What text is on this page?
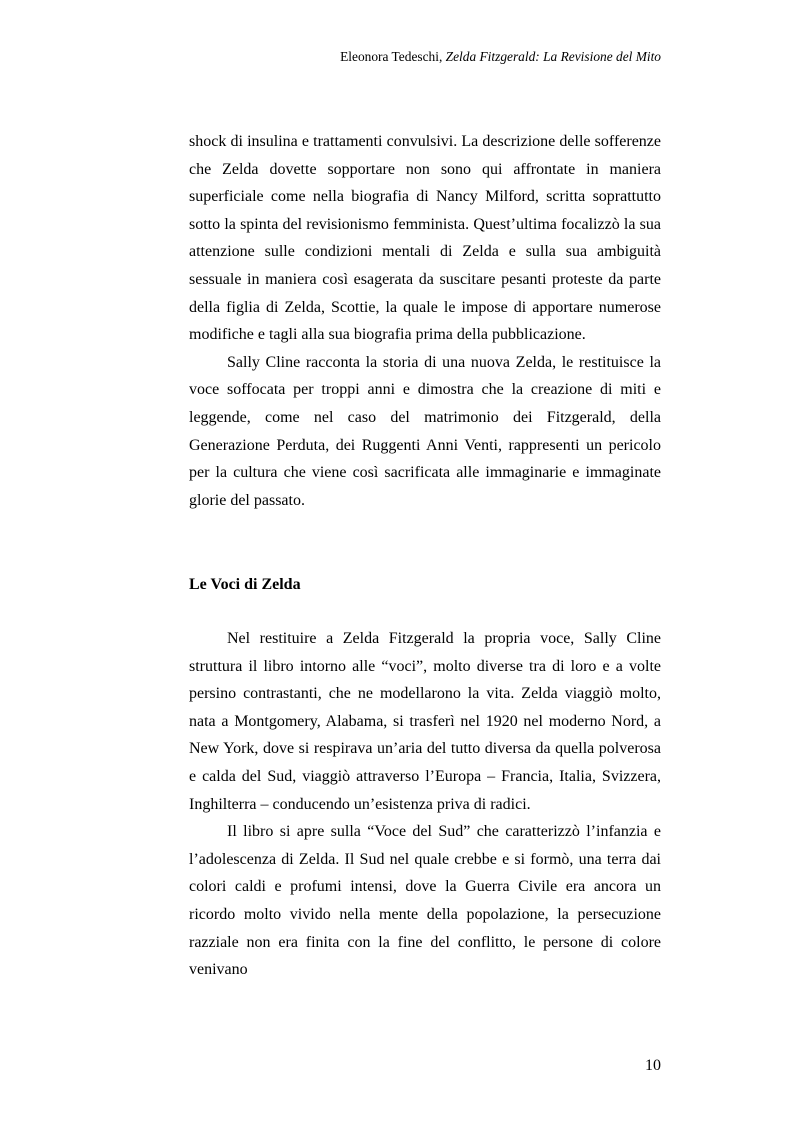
Eleonora Tedeschi, Zelda Fitzgerald: La Revisione del Mito

shock di insulina e trattamenti convulsivi. La descrizione delle sofferenze che Zelda dovette sopportare non sono qui affrontate in maniera superficiale come nella biografia di Nancy Milford, scritta soprattutto sotto la spinta del revisionismo femminista. Quest’ultima focalizzò la sua attenzione sulle condizioni mentali di Zelda e sulla sua ambiguità sessuale in maniera così esagerata da suscitare pesanti proteste da parte della figlia di Zelda, Scottie, la quale le impose di apportare numerose modifiche e tagli alla sua biografia prima della pubblicazione.

Sally Cline racconta la storia di una nuova Zelda, le restituisce la voce soffocata per troppi anni e dimostra che la creazione di miti e leggende, come nel caso del matrimonio dei Fitzgerald, della Generazione Perduta, dei Ruggenti Anni Venti, rappresenti un pericolo per la cultura che viene così sacrificata alle immaginarie e immaginate glorie del passato.

Le Voci di Zelda

Nel restituire a Zelda Fitzgerald la propria voce, Sally Cline struttura il libro intorno alle “voci”, molto diverse tra di loro e a volte persino contrastanti, che ne modellarono la vita. Zelda viaggiò molto, nata a Montgomery, Alabama, si trasferì nel 1920 nel moderno Nord, a New York, dove si respirava un’aria del tutto diversa da quella polverosa e calda del Sud, viaggiò attraverso l’Europa – Francia, Italia, Svizzera, Inghilterra – conducendo un’esistenza priva di radici.

Il libro si apre sulla “Voce del Sud” che caratterizzò l’infanzia e l’adolescenza di Zelda. Il Sud nel quale crebbe e si formò, una terra dai colori caldi e profumi intensi, dove la Guerra Civile era ancora un ricordo molto vivido nella mente della popolazione, la persecuzione razziale non era finita con la fine del conflitto, le persone di colore venivano

10
